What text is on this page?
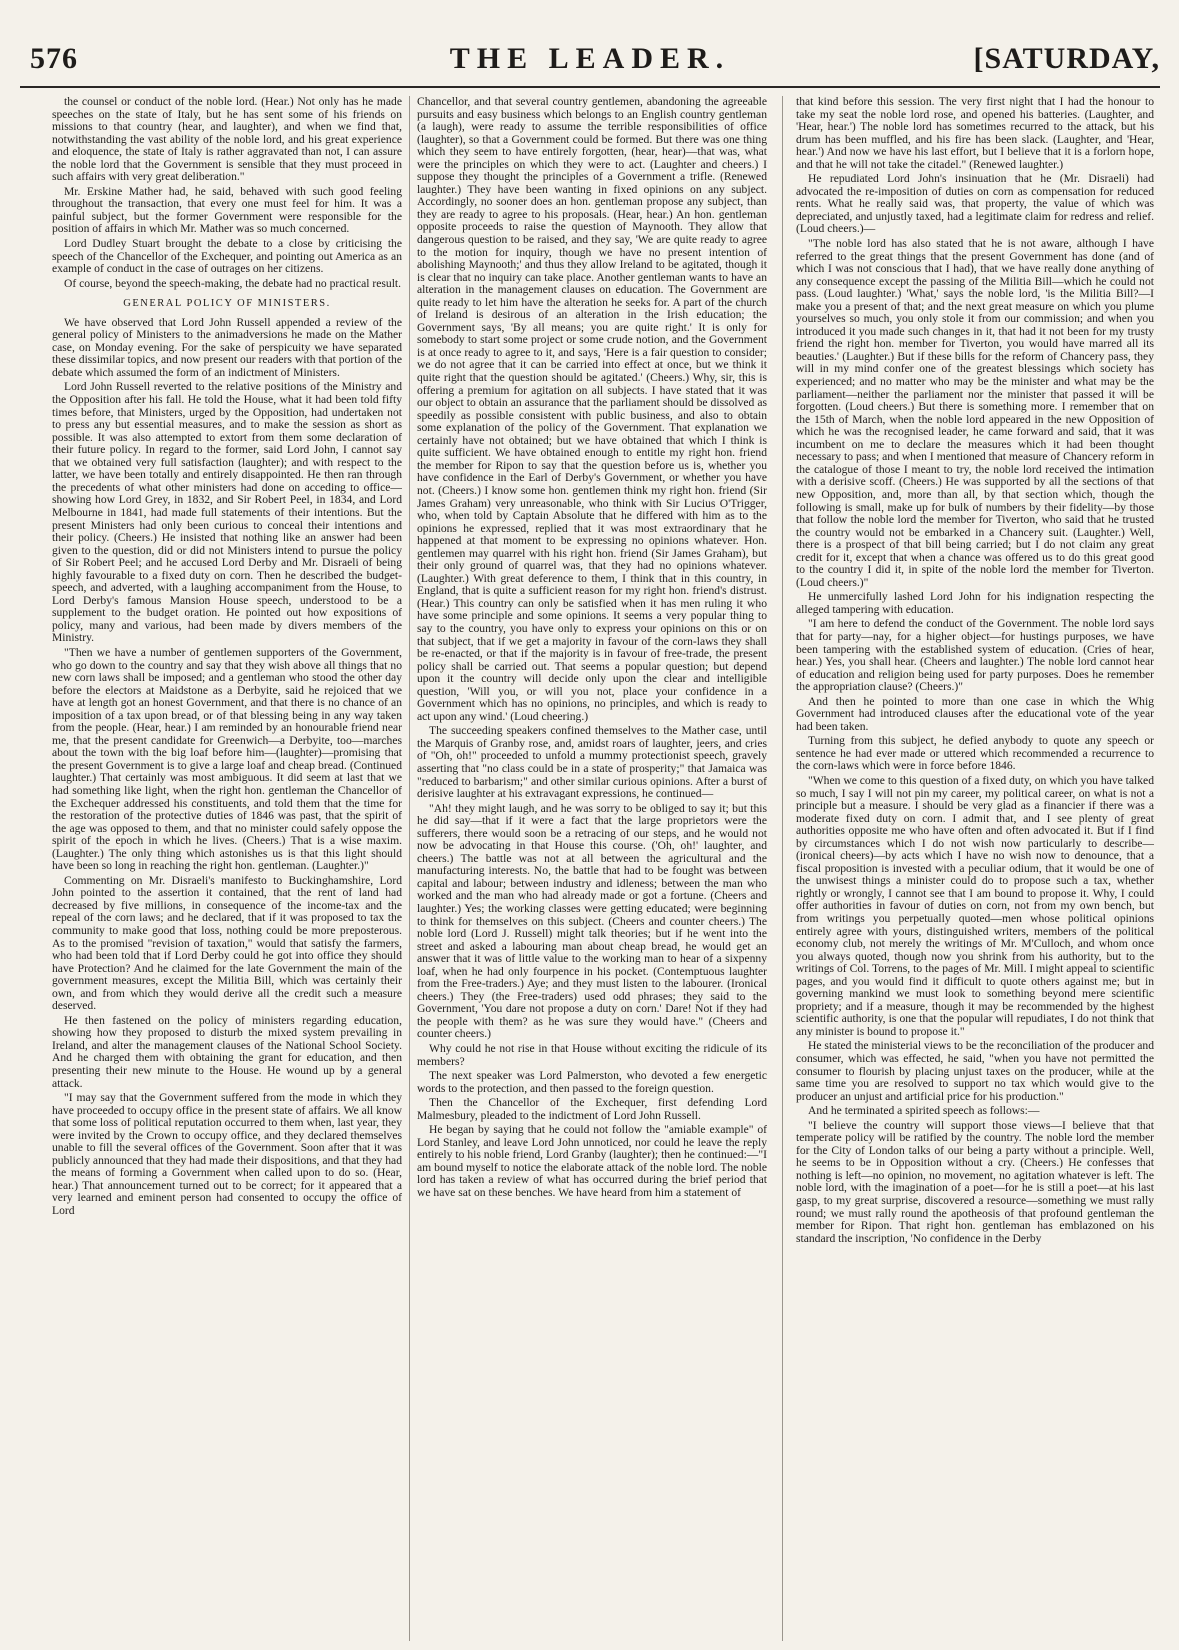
576	THE LEADER.	[SATURDAY,

the counsel or conduct of the noble lord. (Hear.) Not only has he made speeches on the state of Italy, but he has sent some of his friends on missions to that country (hear, and laughter), and when we find that, notwithstanding the vast ability of the noble lord, and his great experience and eloquence, the state of Italy is rather aggravated than not, I can assure the noble lord that the Government is sensible that they must proceed in such affairs with very great deliberation."

Mr. Erskine Mather had, he said, behaved with such good feeling throughout the transaction, that every one must feel for him. It was a painful subject, but the former Government were responsible for the position of affairs in which Mr. Mather was so much concerned.

Lord Dudley Stuart brought the debate to a close by criticising the speech of the Chancellor of the Exchequer, and pointing out America as an example of conduct in the case of outrages on her citizens.

Of course, beyond the speech-making, the debate had no practical result.

GENERAL POLICY OF MINISTERS.

We have observed that Lord John Russell appended a review of the general policy of Ministers to the animadversions he made on the Mather case, on Monday evening. For the sake of perspicuity we have separated these dissimilar topics, and now present our readers with that portion of the debate which assumed the form of an indictment of Ministers.

Lord John Russell reverted to the relative positions of the Ministry and the Opposition after his fall. He told the House, what it had been told fifty times before, that Ministers, urged by the Opposition, had undertaken not to press any but essential measures, and to make the session as short as possible. It was also attempted to extort from them some declaration of their future policy. In regard to the former, said Lord John, I cannot say that we obtained very full satisfaction (laughter); and with respect to the latter, we have been totally and entirely disappointed. He then ran through the precedents of what other ministers had done on acceding to office—showing how Lord Grey, in 1832, and Sir Robert Peel, in 1834, and Lord Melbourne in 1841, had made full statements of their intentions. But the present Ministers had only been curious to conceal their intentions and their policy. (Cheers.) He insisted that nothing like an answer had been given to the question, did or did not Ministers intend to pursue the policy of Sir Robert Peel; and he accused Lord Derby and Mr. Disraeli of being highly favourable to a fixed duty on corn. Then he described the budget-speech, and adverted, with a laughing accompaniment from the House, to Lord Derby's famous Mansion House speech, understood to be a supplement to the budget oration. He pointed out how expositions of policy, many and various, had been made by divers members of the Ministry.

"Then we have a number of gentlemen supporters of the Government, who go down to the country and say that they wish above all things that no new corn laws shall be imposed; and a gentleman who stood the other day before the electors at Maidstone as a Derbyite, said he rejoiced that we have at length got an honest Government, and that there is no chance of an imposition of a tax upon bread, or of that blessing being in any way taken from the people. (Hear, hear.) I am reminded by an honourable friend near me, that the present candidate for Greenwich—a Derbyite, too—marches about the town with the big loaf before him—(laughter)—promising that the present Government is to give a large loaf and cheap bread. (Continued laughter.) That certainly was most ambiguous. It did seem at last that we had something like light, when the right hon. gentleman the Chancellor of the Exchequer addressed his constituents, and told them that the time for the restoration of the protective duties of 1846 was past, that the spirit of the age was opposed to them, and that no minister could safely oppose the spirit of the epoch in which he lives. (Cheers.) That is a wise maxim. (Laughter.) The only thing which astonishes us is that this light should have been so long in reaching the right hon. gentleman. (Laughter.)"

Commenting on Mr. Disraeli's manifesto to Buckinghamshire, Lord John pointed to the assertion it contained, that the rent of land had decreased by five millions, in consequence of the income-tax and the repeal of the corn laws; and he declared, that if it was proposed to tax the community to make good that loss, nothing could be more preposterous. As to the promised "revision of taxation," would that satisfy the farmers, who had been told that if Lord Derby could he got into office they should have Protection? And he claimed for the late Government the main of the government measures, except the Militia Bill, which was certainly their own, and from which they would derive all the credit such a measure deserved.

He then fastened on the policy of ministers regarding education, showing how they proposed to disturb the mixed system prevailing in Ireland, and alter the management clauses of the National School Society. And he charged them with obtaining the grant for education, and then presenting their new minute to the House. He wound up by a general attack.

"I may say that the Government suffered from the mode in which they have proceeded to occupy office in the present state of affairs. We all know that some loss of political reputation occurred to them when, last year, they were invited by the Crown to occupy office, and they declared themselves unable to fill the several offices of the Government. Soon after that it was publicly announced that they had made their dispositions, and that they had the means of forming a Government when called upon to do so. (Hear, hear.) That announcement turned out to be correct; for it appeared that a very learned and eminent person had consented to occupy the office of Lord

Chancellor, and that several country gentlemen, abandoning the agreeable pursuits and easy business which belongs to an English country gentleman (a laugh), were ready to assume the terrible responsibilities of office (laughter), so that a Government could be formed. But there was one thing which they seem to have entirely forgotten, (hear, hear)—that was, what were the principles on which they were to act. (Laughter and cheers.) I suppose they thought the principles of a Government a trifle. (Renewed laughter.) They have been wanting in fixed opinions on any subject. Accordingly, no sooner does an hon. gentleman propose any subject, than they are ready to agree to his proposals. (Hear, hear.) An hon. gentleman opposite proceeds to raise the question of Maynooth. They allow that dangerous question to be raised, and they say, 'We are quite ready to agree to the motion for inquiry, though we have no present intention of abolishing Maynooth;' and thus they allow Ireland to be agitated, though it is clear that no inquiry can take place. Another gentleman wants to have an alteration in the management clauses on education. The Government are quite ready to let him have the alteration he seeks for. A part of the church of Ireland is desirous of an alteration in the Irish education; the Government says, 'By all means; you are quite right.' It is only for somebody to start some project or some crude notion, and the Government is at once ready to agree to it, and says, 'Here is a fair question to consider; we do not agree that it can be carried into effect at once, but we think it quite right that the question should be agitated.' (Cheers.) Why, sir, this is offering a premium for agitation on all subjects. I have stated that it was our object to obtain an assurance that the parliament should be dissolved as speedily as possible consistent with public business, and also to obtain some explanation of the policy of the Government. That explanation we certainly have not obtained; but we have obtained that which I think is quite sufficient. We have obtained enough to entitle my right hon. friend the member for Ripon to say that the question before us is, whether you have confidence in the Earl of Derby's Government, or whether you have not. (Cheers.) I know some hon. gentlemen think my right hon. friend (Sir James Graham) very unreasonable, who think with Sir Lucius O'Trigger, who, when told by Captain Absolute that he differed with him as to the opinions he expressed, replied that it was most extraordinary that he happened at that moment to be expressing no opinions whatever. Hon. gentlemen may quarrel with his right hon. friend (Sir James Graham), but their only ground of quarrel was, that they had no opinions whatever. (Laughter.) With great deference to them, I think that in this country, in England, that is quite a sufficient reason for my right hon. friend's distrust. (Hear.) This country can only be satisfied when it has men ruling it who have some principle and some opinions. It seems a very popular thing to say to the country, you have only to express your opinions on this or on that subject, that if we get a majority in favour of the corn-laws they shall be re-enacted, or that if the majority is in favour of free-trade, the present policy shall be carried out. That seems a popular question; but depend upon it the country will decide only upon the clear and intelligible question, 'Will you, or will you not, place your confidence in a Government which has no opinions, no principles, and which is ready to act upon any wind.' (Loud cheering.)

The succeeding speakers confined themselves to the Mather case, until the Marquis of Granby rose, and, amidst roars of laughter, jeers, and cries of "Oh, oh!" proceeded to unfold a mummy protectionist speech, gravely asserting that "no class could be in a state of prosperity;" that Jamaica was "reduced to barbarism;" and other similar curious opinions. After a burst of derisive laughter at his extravagant expressions, he continued—

"Ah! they might laugh, and he was sorry to be obliged to say it; but this he did say—that if it were a fact that the large proprietors were the sufferers, there would soon be a retracing of our steps, and he would not now be advocating in that House this course. ('Oh, oh!' laughter, and cheers.) The battle was not at all between the agricultural and the manufacturing interests. No, the battle that had to be fought was between capital and labour; between industry and idleness; between the man who worked and the man who had already made or got a fortune. (Cheers and laughter.) Yes; the working classes were getting educated; were beginning to think for themselves on this subject. (Cheers and counter cheers.) The noble lord (Lord J. Russell) might talk theories; but if he went into the street and asked a labouring man about cheap bread, he would get an answer that it was of little value to the working man to hear of a sixpenny loaf, when he had only fourpence in his pocket. (Contemptuous laughter from the Free-traders.) Aye; and they must listen to the labourer. (Ironical cheers.) They (the Free-traders) used odd phrases; they said to the Government, 'You dare not propose a duty on corn.' Dare! Not if they had the people with them? as he was sure they would have." (Cheers and counter cheers.)

Why could he not rise in that House without exciting the ridicule of its members?

The next speaker was Lord Palmerston, who devoted a few energetic words to the protection, and then passed to the foreign question.

Then the Chancellor of the Exchequer, first defending Lord Malmesbury, pleaded to the indictment of Lord John Russell.

He began by saying that he could not follow the "amiable example" of Lord Stanley, and leave Lord John unnoticed, nor could he leave the reply entirely to his noble friend, Lord Granby (laughter); then he continued:—"I am bound myself to notice the elaborate attack of the noble lord. The noble lord has taken a review of what has occurred during the brief period that we have sat on these benches. We have heard from him a statement of

that kind before this session. The very first night that I had the honour to take my seat the noble lord rose, and opened his batteries. (Laughter, and 'Hear, hear.') The noble lord has sometimes recurred to the attack, but his drum has been muffled, and his fire has been slack. (Laughter, and 'Hear, hear.') And now we have his last effort, but I believe that it is a forlorn hope, and that he will not take the citadel." (Renewed laughter.)

He repudiated Lord John's insinuation that he (Mr. Disraeli) had advocated the re-imposition of duties on corn as compensation for reduced rents. What he really said was, that property, the value of which was depreciated, and unjustly taxed, had a legitimate claim for redress and relief. (Loud cheers.)—

"The noble lord has also stated that he is not aware, although I have referred to the great things that the present Government has done (and of which I was not conscious that I had), that we have really done anything of any consequence except the passing of the Militia Bill—which he could not pass. (Loud laughter.) 'What,' says the noble lord, 'is the Militia Bill?—I make you a present of that; and the next great measure on which you plume yourselves so much, you only stole it from our commission; and when you introduced it you made such changes in it, that had it not been for my trusty friend the right hon. member for Tiverton, you would have marred all its beauties.' (Laughter.) But if these bills for the reform of Chancery pass, they will in my mind confer one of the greatest blessings which society has experienced; and no matter who may be the minister and what may be the parliament—neither the parliament nor the minister that passed it will be forgotten. (Loud cheers.) But there is something more. I remember that on the 15th of March, when the noble lord appeared in the new Opposition of which he was the recognised leader, he came forward and said, that it was incumbent on me to declare the measures which it had been thought necessary to pass; and when I mentioned that measure of Chancery reform in the catalogue of those I meant to try, the noble lord received the intimation with a derisive scoff. (Cheers.) He was supported by all the sections of that new Opposition, and, more than all, by that section which, though the following is small, make up for bulk of numbers by their fidelity—by those that follow the noble lord the member for Tiverton, who said that he trusted the country would not be embarked in a Chancery suit. (Laughter.) Well, there is a prospect of that bill being carried; but I do not claim any great credit for it, except that when a chance was offered us to do this great good to the country I did it, in spite of the noble lord the member for Tiverton. (Loud cheers.)"

He unmercifully lashed Lord John for his indignation respecting the alleged tampering with education.

"I am here to defend the conduct of the Government. The noble lord says that for party—nay, for a higher object—for hustings purposes, we have been tampering with the established system of education. (Cries of hear, hear.) Yes, you shall hear. (Cheers and laughter.) The noble lord cannot hear of education and religion being used for party purposes. Does he remember the appropriation clause? (Cheers.)"

And then he pointed to more than one case in which the Whig Government had introduced clauses after the educational vote of the year had been taken.

Turning from this subject, he defied anybody to quote any speech or sentence he had ever made or uttered which recommended a recurrence to the corn-laws which were in force before 1846.

"When we come to this question of a fixed duty, on which you have talked so much, I say I will not pin my career, my political career, on what is not a principle but a measure. I should be very glad as a financier if there was a moderate fixed duty on corn. I admit that, and I see plenty of great authorities opposite me who have often and often advocated it. But if I find by circumstances which I do not wish now particularly to describe—(ironical cheers)—by acts which I have no wish now to denounce, that a fiscal proposition is invested with a peculiar odium, that it would be one of the unwisest things a minister could do to propose such a tax, whether rightly or wrongly, I cannot see that I am bound to propose it. Why, I could offer authorities in favour of duties on corn, not from my own bench, but from writings you perpetually quoted—men whose political opinions entirely agree with yours, distinguished writers, members of the political economy club, not merely the writings of Mr. M'Culloch, and whom once you always quoted, though now you shrink from his authority, but to the writings of Col. Torrens, to the pages of Mr. Mill. I might appeal to scientific pages, and you would find it difficult to quote others against me; but in governing mankind we must look to something beyond mere scientific propriety; and if a measure, though it may be recommended by the highest scientific authority, is one that the popular will repudiates, I do not think that any minister is bound to propose it."

He stated the ministerial views to be the reconciliation of the producer and consumer, which was effected, he said, "when you have not permitted the consumer to flourish by placing unjust taxes on the producer, while at the same time you are resolved to support no tax which would give to the producer an unjust and artificial price for his production."

And he terminated a spirited speech as follows:—

"I believe the country will support those views—I believe that that temperate policy will be ratified by the country. The noble lord the member for the City of London talks of our being a party without a principle. Well, he seems to be in Opposition without a cry. (Cheers.) He confesses that nothing is left—no opinion, no movement, no agitation whatever is left. The noble lord, with the imagination of a poet—for he is still a poet—at his last gasp, to my great surprise, discovered a resource—something we must rally round; we must rally round the apotheosis of that profound gentleman the member for Ripon. That right hon. gentleman has emblazoned on his standard the inscription, 'No confidence in the Derby
